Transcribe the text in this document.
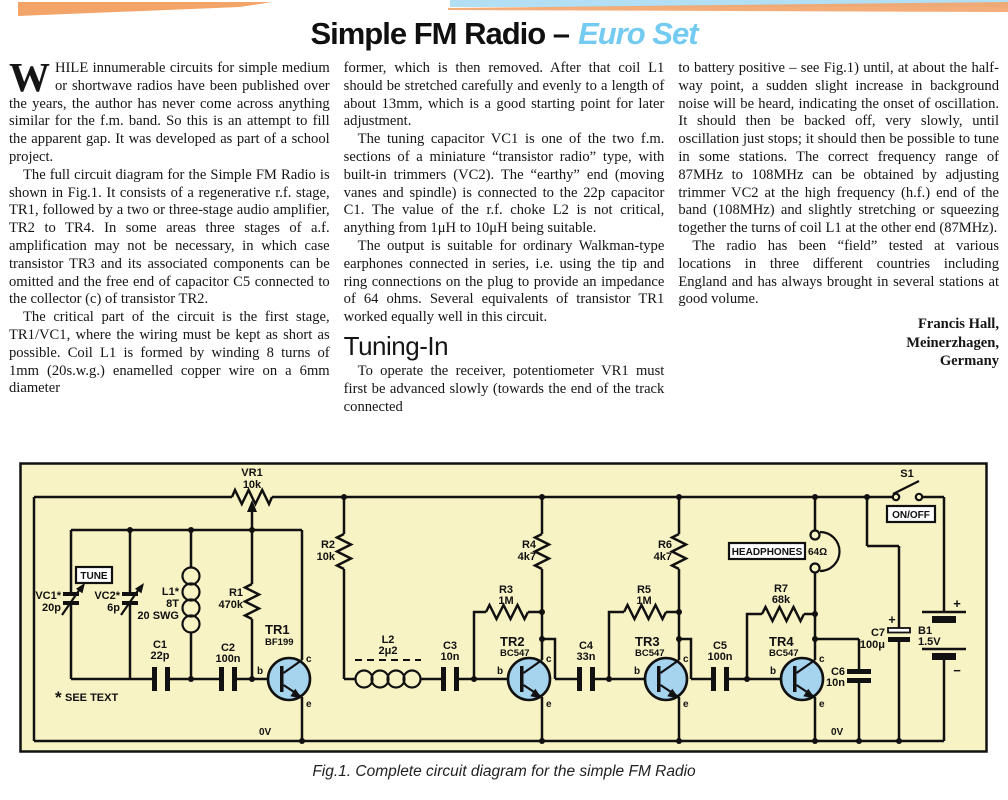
Simple FM Radio – Euro Set

WHILE innumerable circuits for simple medium or shortwave radios have been published over the years, the author has never come across anything similar for the f.m. band. So this is an attempt to fill the apparent gap. It was developed as part of a school project.

The full circuit diagram for the Simple FM Radio is shown in Fig.1. It consists of a regenerative r.f. stage, TR1, followed by a two or three-stage audio amplifier, TR2 to TR4. In some areas three stages of a.f. amplification may not be necessary, in which case transistor TR3 and its associated components can be omitted and the free end of capacitor C5 connected to the collector (c) of transistor TR2.

The critical part of the circuit is the first stage, TR1/VC1, where the wiring must be kept as short as possible. Coil L1 is formed by winding 8 turns of 1mm (20s.w.g.) enamelled copper wire on a 6mm diameter

former, which is then removed. After that coil L1 should be stretched carefully and evenly to a length of about 13mm, which is a good starting point for later adjustment.

The tuning capacitor VC1 is one of the two f.m. sections of a miniature “transistor radio” type, with built-in trimmers (VC2). The “earthy” end (moving vanes and spindle) is connected to the 22p capacitor C1. The value of the r.f. choke L2 is not critical, anything from 1μH to 10μH being suitable.

The output is suitable for ordinary Walkman-type earphones connected in series, i.e. using the tip and ring connections on the plug to provide an impedance of 64 ohms. Several equivalents of transistor TR1 worked equally well in this circuit.

Tuning-In

To operate the receiver, potentiometer VR1 must first be advanced slowly (towards the end of the track connected

to battery positive – see Fig.1) until, at about the half-way point, a sudden slight increase in background noise will be heard, indicating the onset of oscillation. It should then be backed off, very slowly, until oscillation just stops; it should then be possible to tune in some stations. The correct frequency range of 87MHz to 108MHz can be obtained by adjusting trimmer VC2 at the high frequency (h.f.) end of the band (108MHz) and slightly stretching or squeezing together the turns of coil L1 at the other end (87MHz).

The radio has been “field” tested at various locations in three different countries including England and has always brought in several stations at good volume.

Francis Hall,
Meinerzhagen,
Germany
VR1
10k
VC1*
20p
VC2*
6p
TUNE
L1*
8T
20 SWG
R1
470k
C1
22p
C2
100n
* SEE TEXT
TR1
BF199
b
c
e
0V
R2
10k
L2
2μ2	C3
10n
R3
1M
R4
4k7
TR2
BC547
b
c
e
C4
33n
R5
1M
R6
4k7
TR3
BC547
b
c
e
C5
100n
R7
68k
TR4
BC547
b
c
e
0V
HEADPHONES 64Ω
C6
10n
+
C7
100μ
S1
ON/OFF
B1
1.5V
+
−
Fig.1. Complete circuit diagram for the simple FM Radio
